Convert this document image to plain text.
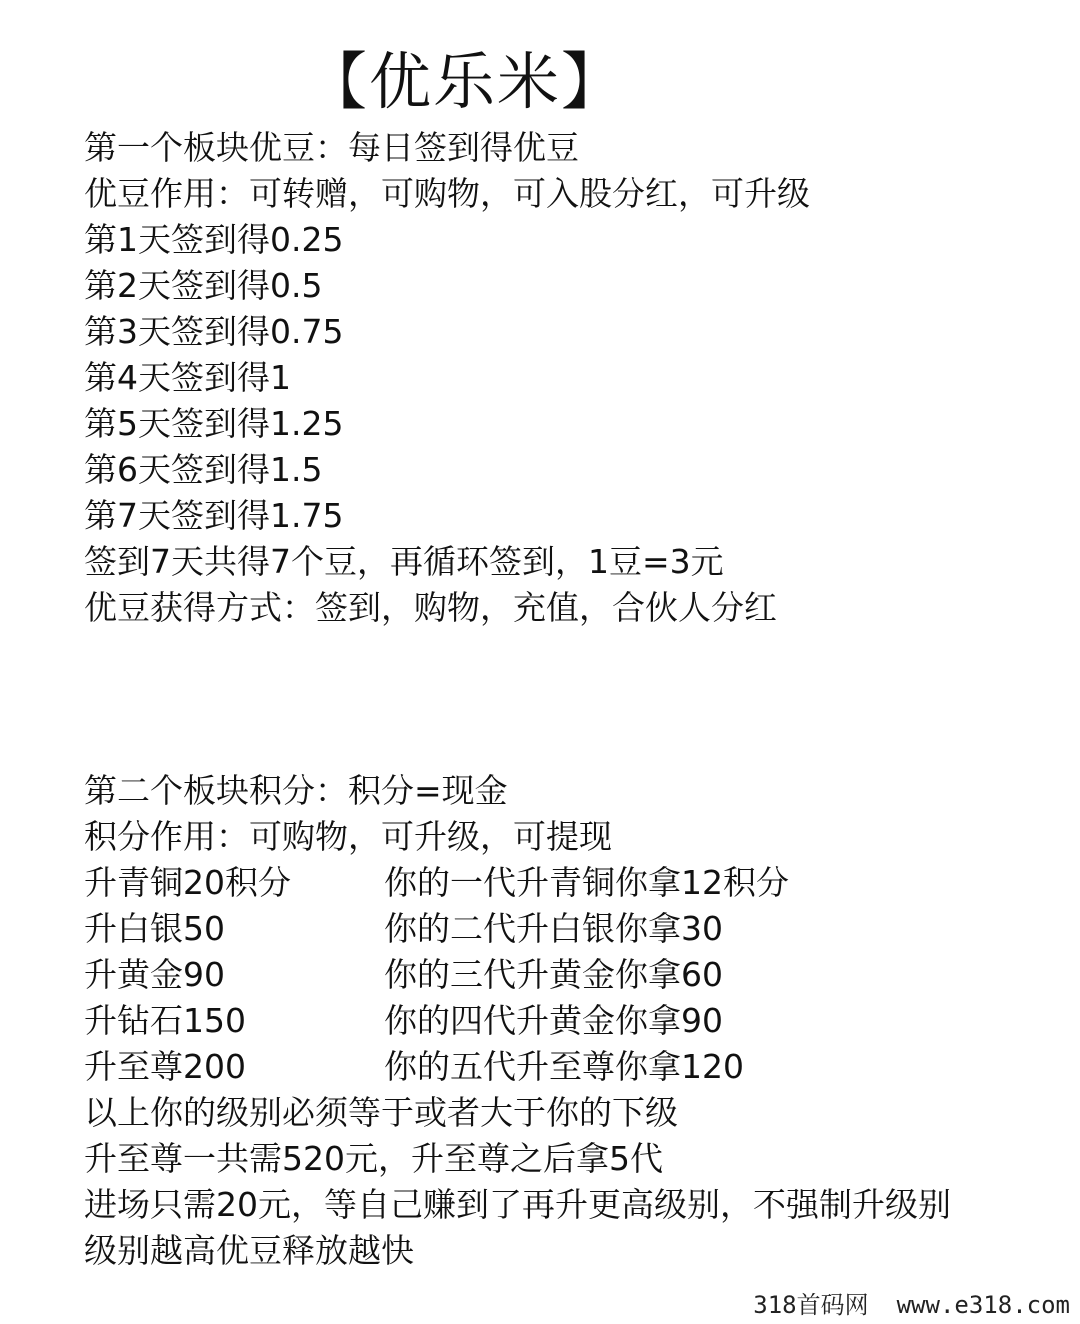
【优乐米】
第一个板块优豆：每日签到得优豆
优豆作用：可转赠，可购物，可入股分红，可升级
第1天签到得0.25
第2天签到得0.5
第3天签到得0.75
第4天签到得1
第5天签到得1.25
第6天签到得1.5
第7天签到得1.75
签到7天共得7个豆，再循环签到，1豆=3元
优豆获得方式：签到，购物，充值，合伙人分红
第二个板块积分：积分=现金
积分作用：可购物，可升级，可提现
升青铜20积分	你的一代升青铜你拿12积分
升白银50	你的二代升白银你拿30
升黄金90	你的三代升黄金你拿60
升钻石150	你的四代升黄金你拿90
升至尊200	你的五代升至尊你拿120
以上你的级别必须等于或者大于你的下级
升至尊一共需520元，升至尊之后拿5代
进场只需20元，等自己赚到了再升更高级别，不强制升级别
级别越高优豆释放越快
318首码网 www.e318.com
